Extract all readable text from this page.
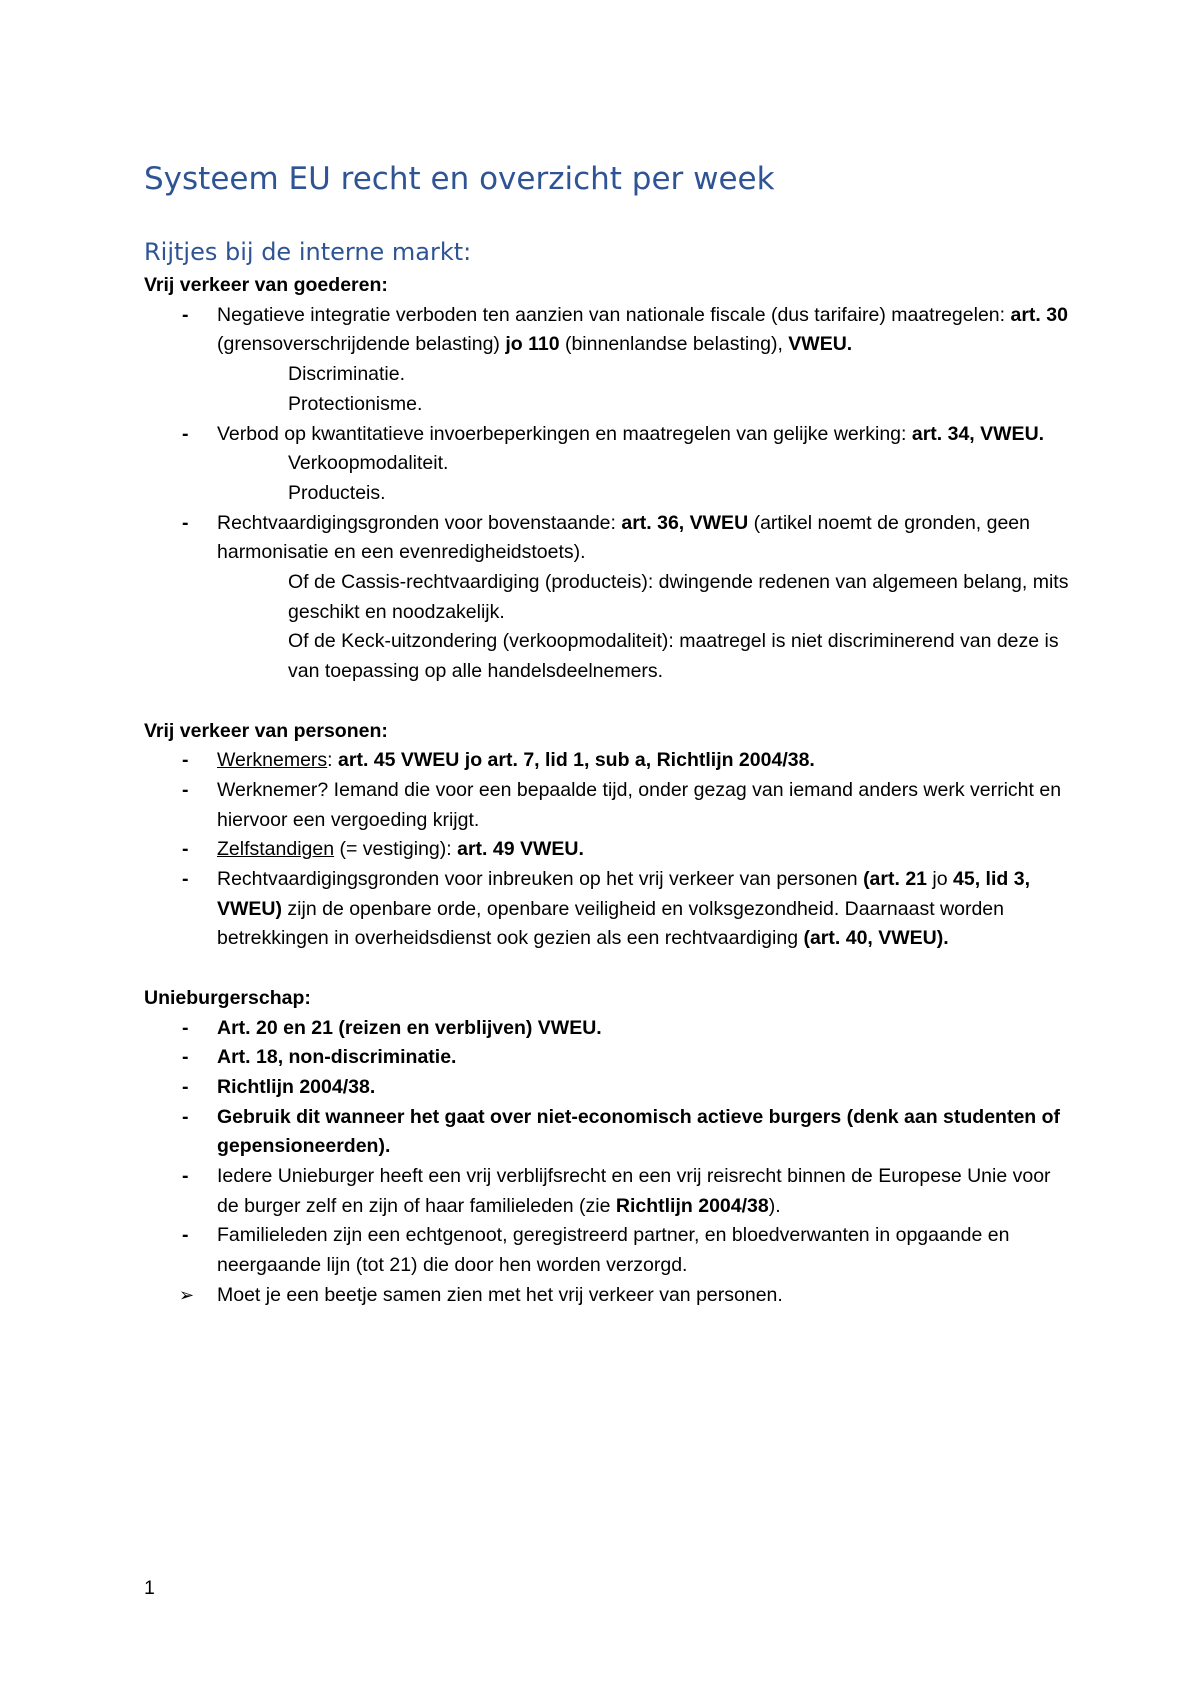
Systeem EU recht en overzicht per week
Rijtjes bij de interne markt:
Vrij verkeer van goederen:
- Negatieve integratie verboden ten aanzien van nationale fiscale (dus tarifaire) maatregelen: art. 30 (grensoverschrijdende belasting) jo 110 (binnenlandse belasting), VWEU.
Discriminatie.
Protectionisme.
- Verbod op kwantitatieve invoerbeperkingen en maatregelen van gelijke werking: art. 34, VWEU.
Verkoopmodaliteit.
Producteis.
- Rechtvaardigingsgronden voor bovenstaande: art. 36, VWEU (artikel noemt de gronden, geen harmonisatie en een evenredigheidstoets).
Of de Cassis-rechtvaardiging (producteis): dwingende redenen van algemeen belang, mits geschikt en noodzakelijk.
Of de Keck-uitzondering (verkoopmodaliteit): maatregel is niet discriminerend van deze is van toepassing op alle handelsdeelnemers.
Vrij verkeer van personen:
- Werknemers: art. 45 VWEU jo art. 7, lid 1, sub a, Richtlijn 2004/38.
- Werknemer? Iemand die voor een bepaalde tijd, onder gezag van iemand anders werk verricht en hiervoor een vergoeding krijgt.
- Zelfstandigen (= vestiging): art. 49 VWEU.
- Rechtvaardigingsgronden voor inbreuken op het vrij verkeer van personen (art. 21 jo 45, lid 3, VWEU) zijn de openbare orde, openbare veiligheid en volksgezondheid. Daarnaast worden betrekkingen in overheidsdienst ook gezien als een rechtvaardiging (art. 40, VWEU).
Unieburgerschap:
- Art. 20 en 21 (reizen en verblijven) VWEU.
- Art. 18, non-discriminatie.
- Richtlijn 2004/38.
- Gebruik dit wanneer het gaat over niet-economisch actieve burgers (denk aan studenten of gepensioneerden).
- Iedere Unieburger heeft een vrij verblijfsrecht en een vrij reisrecht binnen de Europese Unie voor de burger zelf en zijn of haar familieleden (zie Richtlijn 2004/38).
- Familieleden zijn een echtgenoot, geregistreerd partner, en bloedverwanten in opgaande en neergaande lijn (tot 21) die door hen worden verzorgd.
➢ Moet je een beetje samen zien met het vrij verkeer van personen.
1
